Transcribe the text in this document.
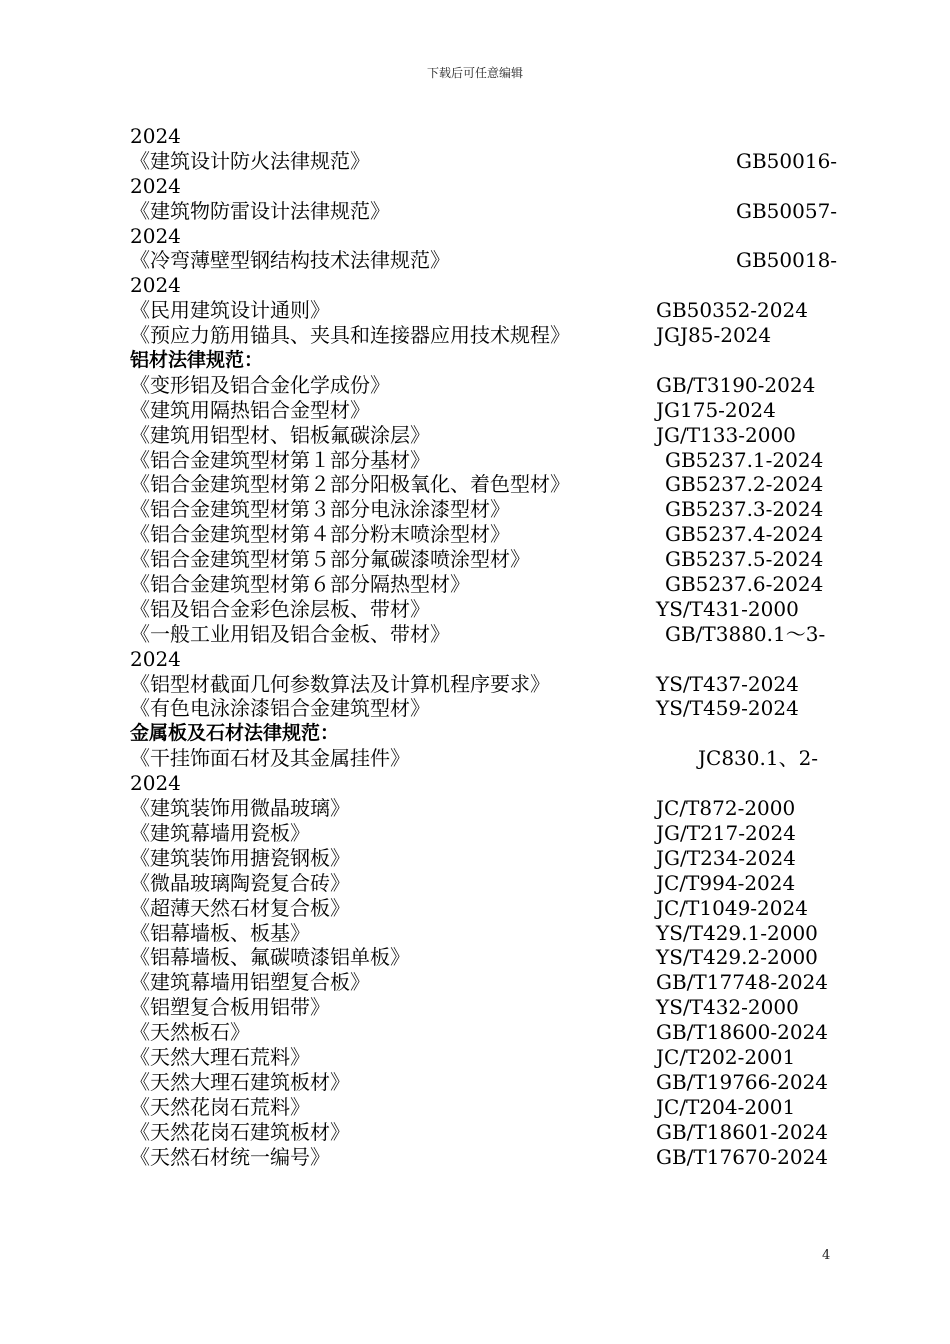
下载后可任意编辑
2024
《建筑设计防火法律规范》	GB50016-
2024
《建筑物防雷设计法律规范》	GB50057-
2024
《冷弯薄壁型钢结构技术法律规范》	GB50018-
2024
《民用建筑设计通则》	GB50352-2024
《预应力筋用锚具、夹具和连接器应用技术规程》	JGJ85-2024
铝材法律规范：
《变形铝及铝合金化学成份》	GB/T3190-2024
《建筑用隔热铝合金型材》	JG175-2024
《建筑用铝型材、铝板氟碳涂层》	JG/T133-2000
《铝合金建筑型材第１部分基材》	GB5237.1-2024
《铝合金建筑型材第２部分阳极氧化、着色型材》	GB5237.2-2024
《铝合金建筑型材第３部分电泳涂漆型材》	GB5237.3-2024
《铝合金建筑型材第４部分粉末喷涂型材》	GB5237.4-2024
《铝合金建筑型材第５部分氟碳漆喷涂型材》	GB5237.5-2024
《铝合金建筑型材第６部分隔热型材》	GB5237.6-2024
《铝及铝合金彩色涂层板、带材》	YS/T431-2000
《一般工业用铝及铝合金板、带材》	GB/T3880.1～3-
2024
《铝型材截面几何参数算法及计算机程序要求》	YS/T437-2024
《有色电泳涂漆铝合金建筑型材》	YS/T459-2024
金属板及石材法律规范：
《干挂饰面石材及其金属挂件》	JC830.1、2-
2024
《建筑装饰用微晶玻璃》	JC/T872-2000
《建筑幕墙用瓷板》	JG/T217-2024
《建筑装饰用搪瓷钢板》	JG/T234-2024
《微晶玻璃陶瓷复合砖》	JC/T994-2024
《超薄天然石材复合板》	JC/T1049-2024
《铝幕墙板、板基》	YS/T429.1-2000
《铝幕墙板、氟碳喷漆铝单板》	YS/T429.2-2000
《建筑幕墙用铝塑复合板》	GB/T17748-2024
《铝塑复合板用铝带》	YS/T432-2000
《天然板石》	GB/T18600-2024
《天然大理石荒料》	JC/T202-2001
《天然大理石建筑板材》	GB/T19766-2024
《天然花岗石荒料》	JC/T204-2001
《天然花岗石建筑板材》	GB/T18601-2024
《天然石材统一编号》	GB/T17670-2024
4
